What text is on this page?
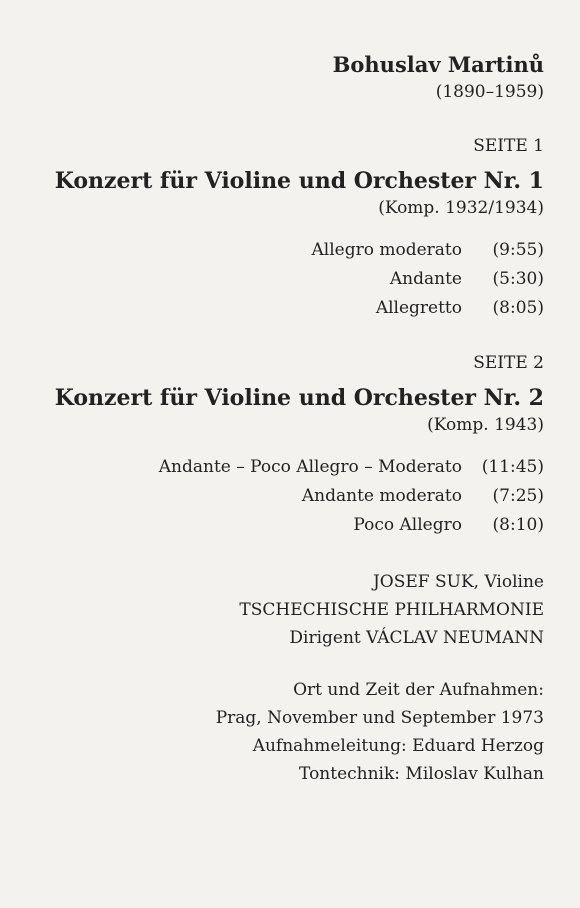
Bohuslav Martinů
(1890–1959)
SEITE 1
Konzert für Violine und Orchester Nr. 1
(Komp. 1932/1934)
Allegro moderato (9:55)
Andante (5:30)
Allegretto (8:05)
SEITE 2
Konzert für Violine und Orchester Nr. 2
(Komp. 1943)
Andante – Poco Allegro – Moderato (11:45)
Andante moderato (7:25)
Poco Allegro (8:10)
JOSEF SUK, Violine
TSCHECHISCHE PHILHARMONIE
Dirigent VÁCLAV NEUMANN
Ort und Zeit der Aufnahmen:
Prag, November und September 1973
Aufnahmeleitung: Eduard Herzog
Tontechnik: Miloslav Kulhan
